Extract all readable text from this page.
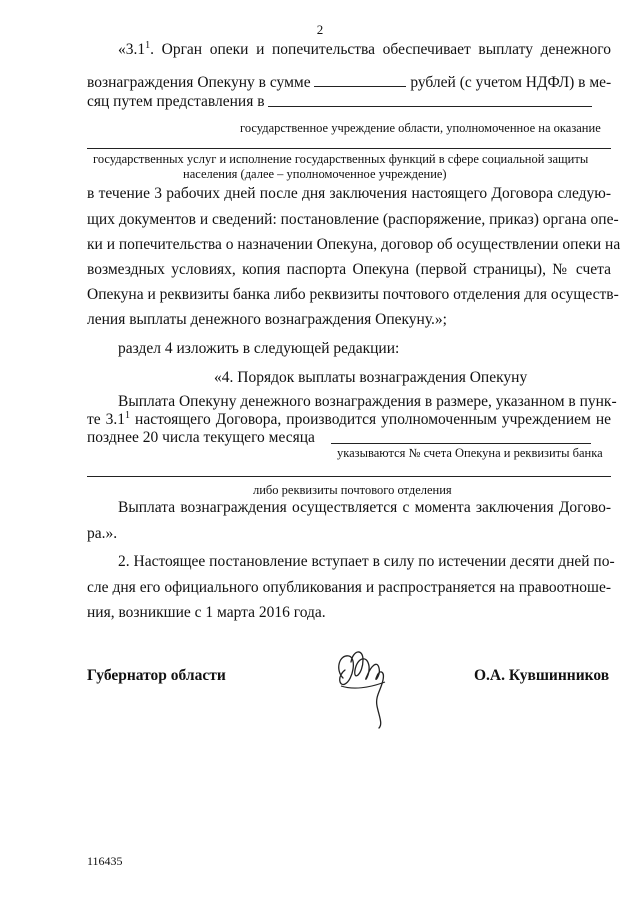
2
«$3.1^1$. Орган опеки и попечительства обеспечивает выплату денежного
вознаграждения Опекуну в сумме	рублей (с учетом НДФЛ) в ме-
сяц путем представления в
государственное учреждение области, уполномоченное на оказание
государственных услуг и исполнение государственных функций в сфере социальной защиты
населения (далее – уполномоченное учреждение)
в течение 3 рабочих дней после дня заключения настоящего Договора следую-
щих документов и сведений: постановление (распоряжение, приказ) органа опе-
ки и попечительства о назначении Опекуна, договор об осуществлении опеки на
возмездных условиях, копия паспорта Опекуна (первой страницы), № счета
Опекуна и реквизиты банка либо реквизиты почтового отделения для осуществ-
ления выплаты денежного вознаграждения Опекуну.»;
раздел 4 изложить в следующей редакции:
«4. Порядок выплаты вознаграждения Опекуну
Выплата Опекуну денежного вознаграждения в размере, указанном в пунк-
те $3.1^1$ настоящего Договора, производится уполномоченным учреждением не
позднее 20 числа текущего месяца
указываются № счета Опекуна и реквизиты банка
либо реквизиты почтового отделения
Выплата вознаграждения осуществляется с момента заключения Догово-
ра.».
2. Настоящее постановление вступает в силу по истечении десяти дней по-
сле дня его официального опубликования и распространяется на правоотноше-
ния, возникшие с 1 марта 2016 года.
Губернатор области	О.А. Кувшинников
116435
